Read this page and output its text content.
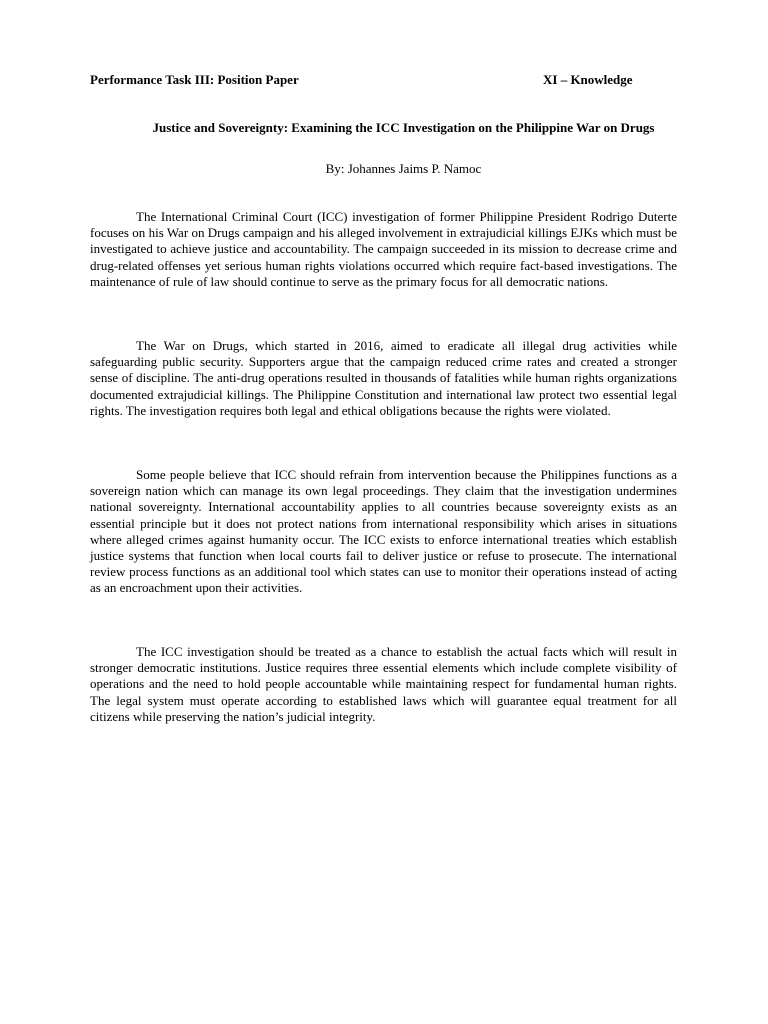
Performance Task III: Position Paper	XI – Knowledge
Justice and Sovereignty: Examining the ICC Investigation on the Philippine War on Drugs
By: Johannes Jaims P. Namoc

The International Criminal Court (ICC) investigation of former Philippine President Rodrigo Duterte focuses on his War on Drugs campaign and his alleged involvement in extrajudicial killings EJKs which must be investigated to achieve justice and accountability. The campaign succeeded in its mission to decrease crime and drug-related offenses yet serious human rights violations occurred which require fact-based investigations. The maintenance of rule of law should continue to serve as the primary focus for all democratic nations.

The War on Drugs, which started in 2016, aimed to eradicate all illegal drug activities while safeguarding public security. Supporters argue that the campaign reduced crime rates and created a stronger sense of discipline. The anti-drug operations resulted in thousands of fatalities while human rights organizations documented extrajudicial killings. The Philippine Constitution and international law protect two essential legal rights. The investigation requires both legal and ethical obligations because the rights were violated.

Some people believe that ICC should refrain from intervention because the Philippines functions as a sovereign nation which can manage its own legal proceedings. They claim that the investigation undermines national sovereignty. International accountability applies to all countries because sovereignty exists as an essential principle but it does not protect nations from international responsibility which arises in situations where alleged crimes against humanity occur. The ICC exists to enforce international treaties which establish justice systems that function when local courts fail to deliver justice or refuse to prosecute. The international review process functions as an additional tool which states can use to monitor their operations instead of acting as an encroachment upon their activities.

The ICC investigation should be treated as a chance to establish the actual facts which will result in stronger democratic institutions. Justice requires three essential elements which include complete visibility of operations and the need to hold people accountable while maintaining respect for fundamental human rights. The legal system must operate according to established laws which will guarantee equal treatment for all citizens while preserving the nation’s judicial integrity.
